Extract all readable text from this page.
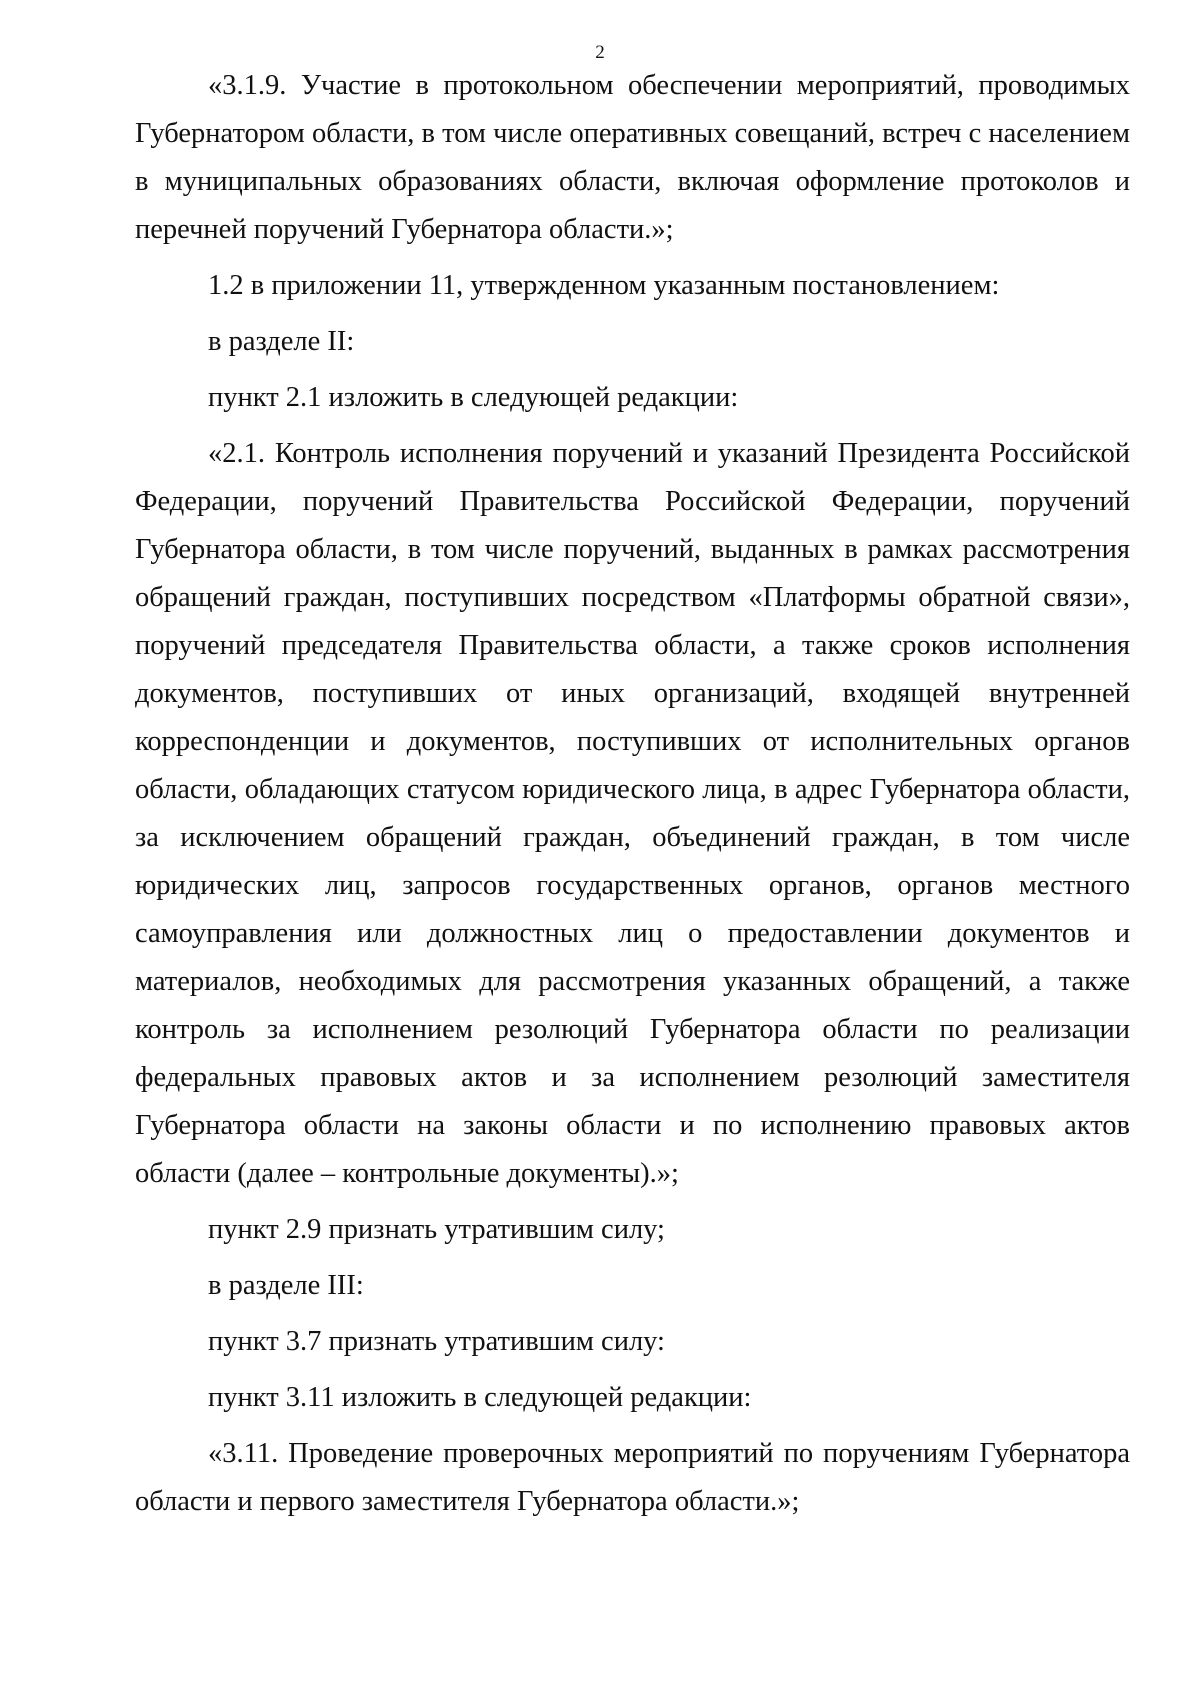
2

«3.1.9. Участие в протокольном обеспечении мероприятий, проводимых Губернатором области, в том числе оперативных совещаний, встреч с населением в муниципальных образованиях области, включая оформление протоколов и перечней поручений Губернатора области.»;

1.2 в приложении 11, утвержденном указанным постановлением:

в разделе II:

пункт 2.1 изложить в следующей редакции:

«2.1. Контроль исполнения поручений и указаний Президента Российской Федерации, поручений Правительства Российской Федерации, поручений Губернатора области, в том числе поручений, выданных в рамках рассмотрения обращений граждан, поступивших посредством «Платформы обратной связи», поручений председателя Правительства области, а также сроков исполнения документов, поступивших от иных организаций, входящей внутренней корреспонденции и документов, поступивших от исполнительных органов области, обладающих статусом юридического лица, в адрес Губернатора области, за исключением обращений граждан, объединений граждан, в том числе юридических лиц, запросов государственных органов, органов местного самоуправления или должностных лиц о предоставлении документов и материалов, необходимых для рассмотрения указанных обращений, а также контроль за исполнением резолюций Губернатора области по реализации федеральных правовых актов и за исполнением резолюций заместителя Губернатора области на законы области и по исполнению правовых актов области (далее – контрольные документы).»;

пункт 2.9 признать утратившим силу;

в разделе III:

пункт 3.7 признать утратившим силу:

пункт 3.11 изложить в следующей редакции:

«3.11. Проведение проверочных мероприятий по поручениям Губернатора области и первого заместителя Губернатора области.»;
